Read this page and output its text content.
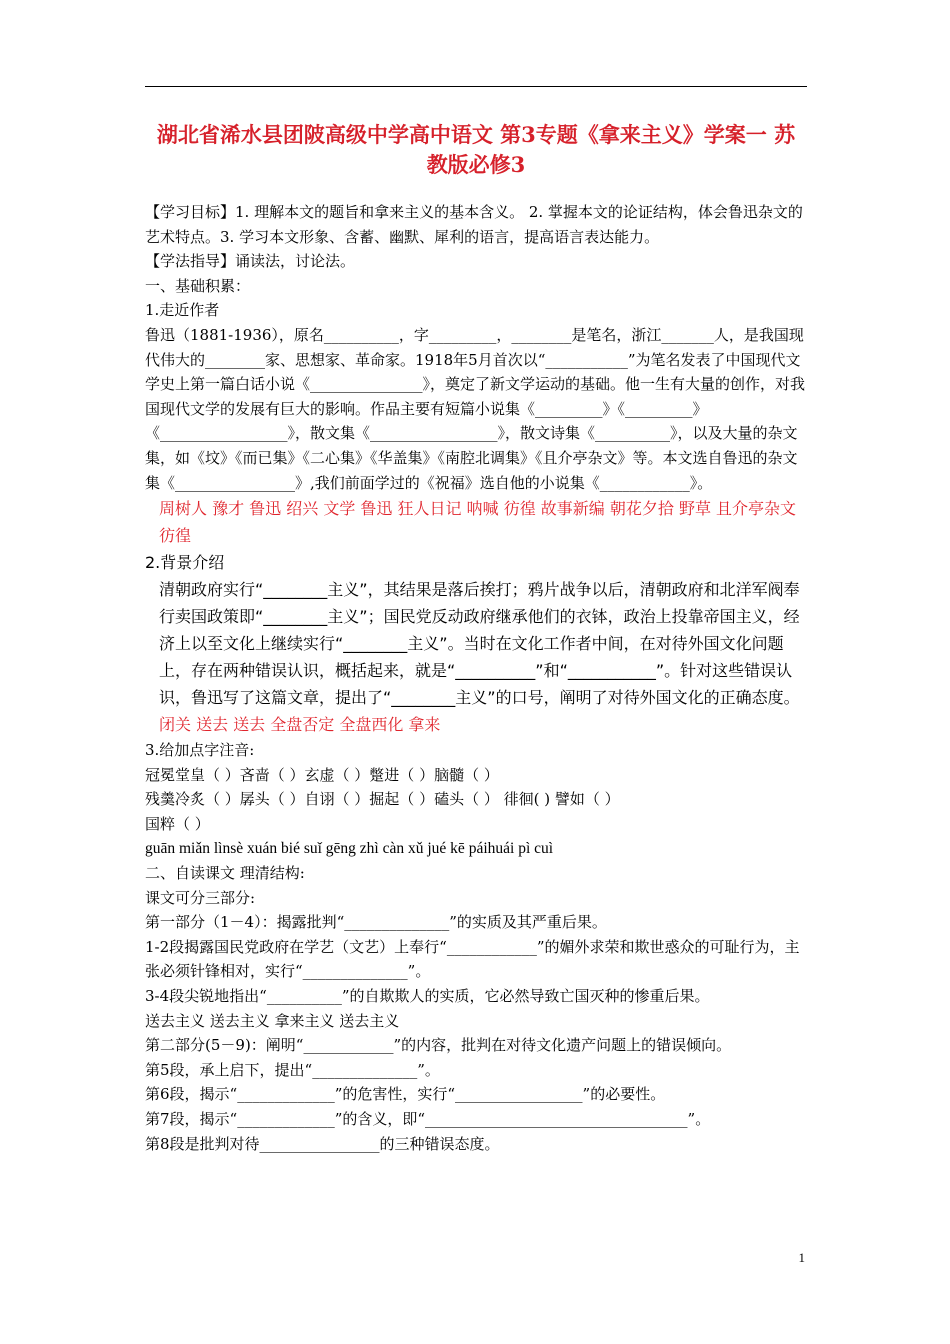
湖北省浠水县团陂高级中学高中语文 第3专题《拿来主义》学案一 苏
教版必修3

【学习目标】1. 理解本文的题旨和拿来主义的基本含义。 2. 掌握本文的论证结构，体会鲁迅杂文的艺术特点。3. 学习本文形象、含蓄、幽默、犀利的语言，提高语言表达能力。

【学法指导】诵读法，讨论法。

一、基础积累：

1.走近作者

鲁迅（1881-1936），原名__________，字_________，________是笔名，浙江_______人，是我国现代伟大的________家、思想家、革命家。1918年5月首次以“___________”为笔名发表了中国现代文学史上第一篇白话小说《_______________》，奠定了新文学运动的基础。他一生有大量的创作，对我国现代文学的发展有巨大的影响。作品主要有短篇小说集《_________》《_________》《_________________》，散文集《_________________》，散文诗集《__________》，以及大量的杂文集，如《坟》《而已集》《二心集》《华盖集》《南腔北调集》《且介亭杂文》等。本文选自鲁迅的杂文集《________________》,我们前面学过的《祝福》选自他的小说集《____________》。

周树人 豫才 鲁迅 绍兴 文学 鲁迅 狂人日记 呐喊 彷徨 故事新编 朝花夕拾 野草 且介亭杂文 彷徨

2.背景介绍

清朝政府实行“________主义”，其结果是落后挨打；鸦片战争以后，清朝政府和北洋军阀奉行卖国政策即“________主义”；国民党反动政府继承他们的衣钵，政治上投靠帝国主义，经济上以至文化上继续实行“________主义”。当时在文化工作者中间，在对待外国文化问题上，存在两种错误认识，概括起来，就是“__________”和“___________”。针对这些错误认识，鲁迅写了这篇文章，提出了“________主义”的口号，阐明了对待外国文化的正确态度。

闭关 送去 送去 全盘否定 全盘西化 拿来

3.给加点字注音:

冠冕堂皇（ ）吝啬（ ）玄虚（ ）蹩进（ ）脑髓（ ）

残羹冷炙（ ）孱头（ ）自诩（ ）掘起（ ）磕头（ ） 徘徊( ) 譬如（ ）

国粹（ ）

guān miǎn lìnsè xuán bié suǐ gēng zhì càn xǔ jué kē páihuái pì cuì

二、自读课文 理清结构:

课文可分三部分:

第一部分（1－4）：揭露批判“______________”的实质及其严重后果。

1-2段揭露国民党政府在学艺（文艺）上奉行“____________”的媚外求荣和欺世惑众的可耻行为，主张必须针锋相对，实行“______________”。

3-4段尖锐地指出“__________”的自欺欺人的实质，它必然导致亡国灭种的惨重后果。

送去主义 送去主义 拿来主义 送去主义

第二部分(5－9)：阐明“____________”的内容，批判在对待文化遗产问题上的错误倾向。

第5段，承上启下，提出“______________”。

第6段，揭示“_____________”的危害性，实行“_________________”的必要性。

第7段，揭示“_____________”的含义，即“___________________________________”。

第8段是批判对待________________的三种错误态度。

1
